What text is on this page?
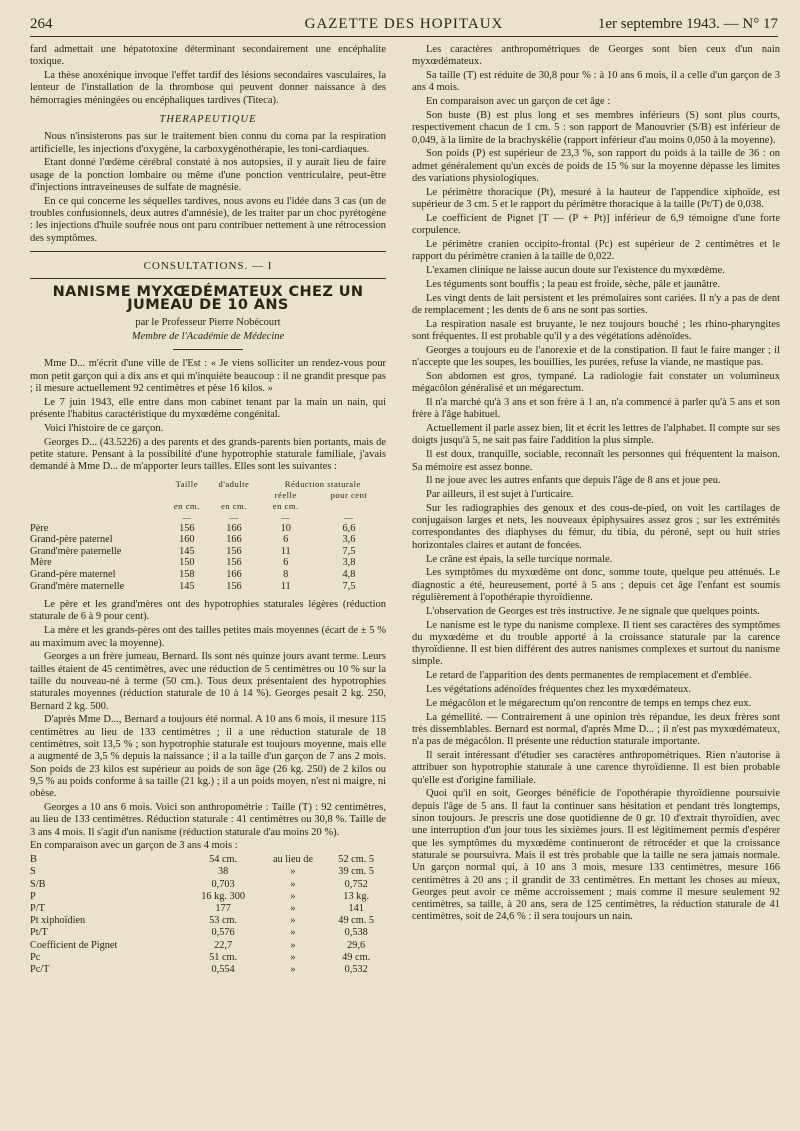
264	GAZETTE DES HOPITAUX	1er septembre 1943. — N° 17

fard admettait une hépatotoxine déterminant secondairement une encéphalite toxique.

La thèse anoxénique invoque l'effet tardif des lésions secondaires vasculaires, la lenteur de l'installation de la thrombose qui peuvent donner naissance à des hémorragies méningées ou encéphaliques tardives (Titeca).

THERAPEUTIQUE

Nous n'insisterons pas sur le traitement bien connu du coma par la respiration artificielle, les injections d'oxygène, la carboxygénothérapie, les toni-cardiaques.

Etant donné l'œdème cérébral constaté à nos autopsies, il y aurait lieu de faire usage de la ponction lombaire ou même d'une ponction ventriculaire, peut-être d'injections intraveineuses de sulfate de magnésie.

En ce qui concerne les séquelles tardives, nous avons eu l'idée dans 3 cas (un de troubles confusionnels, deux autres d'amnésie), de les traiter par un choc pyrétogène : les injections d'huile soufrée nous ont paru contribuer nettement à une rétrocession des symptômes.

CONSULTATIONS. — I
NANISME MYXŒDÉMATEUX CHEZ UN JUMEAU DE 10 ANS
par le Professeur Pierre Nobécourt
Membre de l'Académie de Médecine

Mme D... m'écrit d'une ville de l'Est : « Je viens solliciter un rendez-vous pour mon petit garçon qui a dix ans et qui m'inquiète beaucoup : il ne grandit presque pas ; il mesure actuellement 92 centimètres et pèse 16 kilos. »

Le 7 juin 1943, elle entre dans mon cabinet tenant par la main un nain, qui présente l'habitus caractéristique du myxœdème congénital.

Voici l'histoire de ce garçon.

Georges D... (43.5226) a des parents et des grands-parents bien portants, mais de petite stature. Pensant à la possibilité d'une hypotrophie staturale familiale, j'avais demandé à Mme D... de m'apporter leurs tailles. Elles sont les suivantes :

	Taille	d'adulte	Réduction staturale	
			réelle	pour cent
	en cm.	en cm.	en cm.	
	—	—	—	—
Père	156	166	10	6,6
Grand-père paternel	160	166	6	3,6
Grand'mère paternelle	145	156	11	7,5
Mère	150	156	6	3,8
Grand-père maternel	158	166	8	4,8
Grand'mère maternelle	145	156	11	7,5

Le père et les grand'mères ont des hypotrophies staturales légères (réduction staturale de 6 à 9 pour cent).

La mère et les grands-pères ont des tailles petites mais moyennes (écart de ± 5 % au maximum avec la moyenne).

Georges a un frère jumeau, Bernard. Ils sont nés quinze jours avant terme. Leurs tailles étaient de 45 centimètres, avec une réduction de 5 centimètres ou 10 % sur la taille du nouveau-né à terme (50 cm.). Tous deux présentaient des hypotrophies staturales moyennes (réduction staturale de 10 à 14 %). Georges pesait 2 kg. 250, Bernard 2 kg. 500.

D'après Mme D..., Bernard a toujours été normal. A 10 ans 6 mois, il mesure 115 centimètres au lieu de 133 centimètres ; il a une réduction staturale de 18 centimètres, soit 13,5 % ; son hypotrophie staturale est toujours moyenne, mais elle a augmenté de 3,5 % depuis la naissance ; il a la taille d'un garçon de 7 ans 2 mois. Son poids de 23 kilos est supérieur au poids de son âge (26 kg. 250) de 2 kilos ou 9,5 % au poids conforme à sa taille (21 kg.) ; il a un poids moyen, n'est ni maigre, ni obèse.

Georges a 10 ans 6 mois. Voici son anthropométrie : Taille (T) : 92 centimètres, au lieu de 133 centimètres. Réduction staturale : 41 centimètres ou 30,8 %. Taille de 3 ans 4 mois. Il s'agit d'un nanisme (réduction staturale d'au moins 20 %).

En comparaison avec un garçon de 3 ans 4 mois :

B	54 cm.	au lieu de	52 cm. 5
S	38	»	39 cm. 5
S/B	0,703	»	0,752
P	16 kg. 300	»	13 kg.
P/T	177	»	141
Pt xiphoïdien	53 cm.	»	49 cm. 5
Pt/T	0,576	»	0,538
Coefficient de Pignet	22,7	»	29,6
Pc	51 cm.	»	49 cm.
Pc/T	0,554	»	0,532

Les caractères anthropométriques de Georges sont bien ceux d'un nain myxœdémateux.

Sa taille (T) est réduite de 30,8 pour % : à 10 ans 6 mois, il a celle d'un garçon de 3 ans 4 mois.

En comparaison avec un garçon de cet âge :

Son buste (B) est plus long et ses membres inférieurs (S) sont plus courts, respectivement chacun de 1 cm. 5 : son rapport de Manouvrier (S/B) est inférieur de 0,049, à la limite de la brachyskélie (rapport inférieur d'au moins 0,050 à la moyenne).

Son poids (P) est supérieur de 23,3 %, son rapport du poids à la taille de 36 : on admet généralement qu'un excès de poids de 15 % sur la moyenne dépasse les limites des variations physiologiques.

Le périmètre thoracique (Pt), mesuré à la hauteur de l'appendice xiphoïde, est supérieur de 3 cm. 5 et le rapport du périmètre thoracique à la taille (Pt/T) de 0,038.

Le coefficient de Pignet [T — (P + Pt)] inférieur de 6,9 témoigne d'une forte corpulence.

Le périmètre cranien occipito-frontal (Pc) est supérieur de 2 centimètres et le rapport du périmètre cranien à la taille de 0,022.

L'examen clinique ne laisse aucun doute sur l'existence du myxœdème.

Les téguments sont bouffis ; la peau est froide, sèche, pâle et jaunâtre.

Les vingt dents de lait persistent et les prémolaires sont cariées. Il n'y a pas de dent de remplacement ; les dents de 6 ans ne sont pas sorties.

La respiration nasale est bruyante, le nez toujours bouché ; les rhino-pharyngites sont fréquentes. Il est probable qu'il y a des végétations adénoïdes.

Georges a toujours eu de l'anorexie et de la constipation. Il faut le faire manger ; il n'accepte que les soupes, les bouillies, les purées, refuse la viande, ne mastique pas.

Son abdomen est gros, tympané. La radiologie fait constater un volumineux mégacôlon généralisé et un mégarectum.

Il n'a marché qu'à 3 ans et son frère à 1 an, n'a commencé à parler qu'à 5 ans et son frère à l'âge habituel.

Actuellement il parle assez bien, lit et écrit les lettres de l'alphabet. Il compte sur ses doigts jusqu'à 5, ne sait pas faire l'addition la plus simple.

Il est doux, tranquille, sociable, reconnaît les personnes qui fréquentent la maison. Sa mémoire est assez bonne.

Il ne joue avec les autres enfants que depuis l'âge de 8 ans et joue peu.

Par ailleurs, il est sujet à l'urticaire.

Sur les radiographies des genoux et des cous-de-pied, on voit les cartilages de conjugaison larges et nets, les nouveaux épiphysaires assez gros ; sur les extrémités correspondantes des diaphyses du fémur, du tibia, du péroné, sept ou huit stries horizontales claires et autant de foncées.

Le crâne est épais, la selle turcique normale.

Les symptômes du myxœdème ont donc, somme toute, quelque peu atténués. Le diagnostic a été, heureusement, porté à 5 ans ; depuis cet âge l'enfant est soumis régulièrement à l'opothérapie thyroïdienne.

L'observation de Georges est très instructive. Je ne signale que quelques points.

Le nanisme est le type du nanisme complexe. Il tient ses caractères des symptômes du myxœdème et du trouble apporté à la croissance staturale par la carence thyroïdienne. Il est bien différent des autres nanismes complexes et surtout du nanisme simple.

Le retard de l'apparition des dents permanentes de remplacement et d'emblée.

Les végétations adénoïdes fréquentes chez les myxœdémateux.

Le mégacôlon et le mégarectum qu'on rencontre de temps en temps chez eux.

La gémellité. — Contrairement à une opinion très répandue, les deux frères sont très dissemblables. Bernard est normal, d'après Mme D... ; il n'est pas myxœdémateux, n'a pas de mégacôlon. Il présente une réduction staturale importante.

Il serait intéressant d'étudier ses caractères anthropométriques. Rien n'autorise à attribuer son hypotrophie staturale à une carence thyroïdienne. Il est bien probable qu'elle est d'origine familiale.

Quoi qu'il en soit, Georges bénéficie de l'opothérapie thyroïdienne poursuivie depuis l'âge de 5 ans. Il faut la continuer sans hésitation et pendant très longtemps, sinon toujours. Je prescris une dose quotidienne de 0 gr. 10 d'extrait thyroïdien, avec une interruption d'un jour tous les sixièmes jours. Il est légitimement permis d'espérer que les symptômes du myxœdème continueront de rétrocéder et que la croissance staturale se poursuivra. Mais il est très probable que la taille ne sera jamais normale. Un garçon normal qui, à 10 ans 3 mois, mesure 133 centimètres, mesure 166 centimètres à 20 ans ; il grandit de 33 centimètres. En mettant les choses au mieux, Georges peut avoir ce même accroissement ; mais comme il mesure seulement 92 centimètres, sa taille, à 20 ans, sera de 125 centimètres, la réduction staturale de 41 centimètres, soit de 24,6 % : il sera toujours un nain.
